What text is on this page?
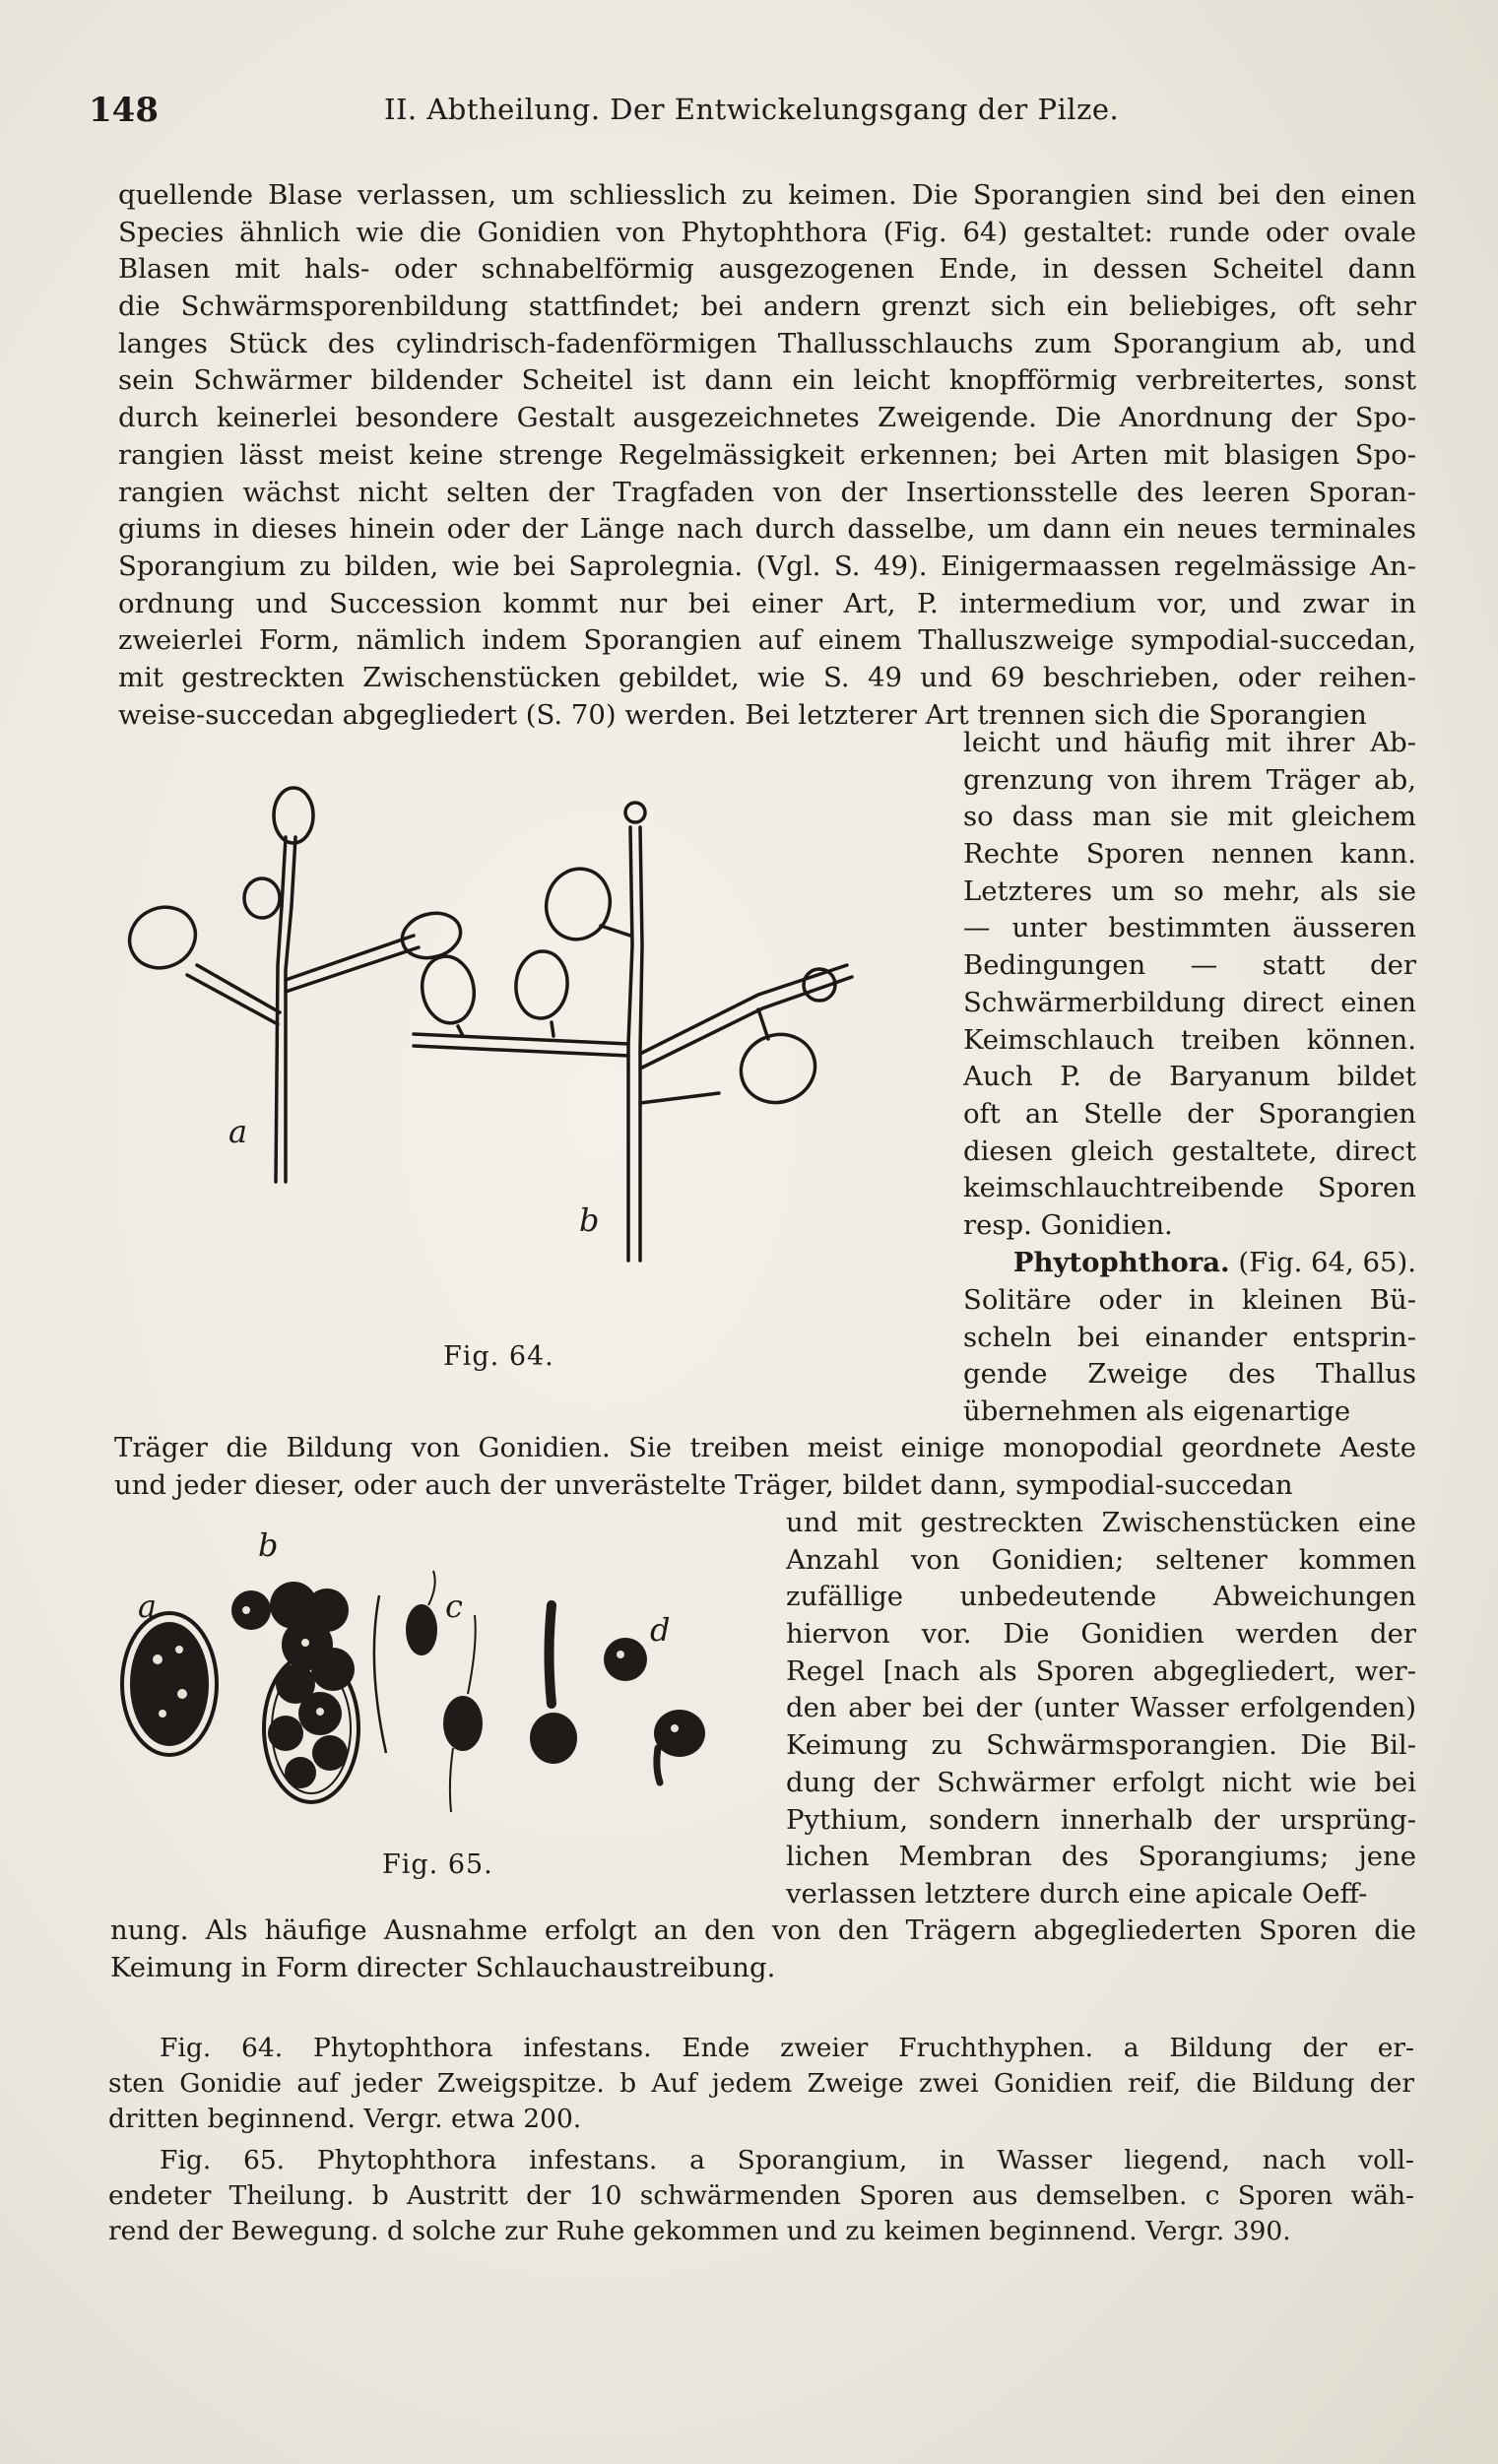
148	II. Abtheilung. Der Entwickelungsgang der Pilze.
quellende Blase verlassen, um schliesslich zu keimen. Die Sporangien sind bei den einen
Species ähnlich wie die Gonidien von Phytophthora (Fig. 64) gestaltet: runde oder ovale
Blasen mit hals- oder schnabelförmig ausgezogenen Ende, in dessen Scheitel dann
die Schwärmsporenbildung stattfindet; bei andern grenzt sich ein beliebiges, oft sehr
langes Stück des cylindrisch-fadenförmigen Thallusschlauchs zum Sporangium ab, und
sein Schwärmer bildender Scheitel ist dann ein leicht knopfförmig verbreitertes, sonst
durch keinerlei besondere Gestalt ausgezeichnetes Zweigende. Die Anordnung der Spo-
rangien lässt meist keine strenge Regelmässigkeit erkennen; bei Arten mit blasigen Spo-
rangien wächst nicht selten der Tragfaden von der Insertionsstelle des leeren Sporan-
giums in dieses hinein oder der Länge nach durch dasselbe, um dann ein neues terminales
Sporangium zu bilden, wie bei Saprolegnia. (Vgl. S. 49). Einigermaassen regelmässige An-
ordnung und Succession kommt nur bei einer Art, P. intermedium vor, und zwar in
zweierlei Form, nämlich indem Sporangien auf einem Thalluszweige sympodial-succedan,
mit gestreckten Zwischenstücken gebildet, wie S. 49 und 69 beschrieben, oder reihen-
weise-succedan abgegliedert (S. 70) werden. Bei letzterer Art trennen sich die Sporangien
leicht und häufig mit ihrer Ab-
grenzung von ihrem Träger ab,
so dass man sie mit gleichem
Rechte Sporen nennen kann.
Letzteres um so mehr, als sie
— unter bestimmten äusseren
Bedingungen — statt der
Schwärmerbildung direct einen
Keimschlauch treiben können.
Auch P. de Baryanum bildet
oft an Stelle der Sporangien
diesen gleich gestaltete, direct
keimschlauchtreibende Sporen
resp. Gonidien.
Phytophthora. (Fig. 64, 65).
Solitäre oder in kleinen Bü-
scheln bei einander entsprin-
gende Zweige des Thallus
übernehmen als eigenartige
Träger die Bildung von Gonidien. Sie treiben meist einige monopodial geordnete Aeste
und jeder dieser, oder auch der unverästelte Träger, bildet dann, sympodial-succedan
und mit gestreckten Zwischenstücken eine
Anzahl von Gonidien; seltener kommen
zufällige unbedeutende Abweichungen
hiervon vor. Die Gonidien werden der
Regel [nach als Sporen abgegliedert, wer-
den aber bei der (unter Wasser erfolgenden)
Keimung zu Schwärmsporangien. Die Bil-
dung der Schwärmer erfolgt nicht wie bei
Pythium, sondern innerhalb der ursprüng-
lichen Membran des Sporangiums; jene
verlassen letztere durch eine apicale Oeff-
nung. Als häufige Ausnahme erfolgt an den von den Trägern abgegliederten Sporen die
Keimung in Form directer Schlauchaustreibung.
a
b
Fig. 64.
a
b
c
d
Fig. 65.
Fig. 64. Phytophthora infestans. Ende zweier Fruchthyphen. a Bildung der er-
sten Gonidie auf jeder Zweigspitze. b Auf jedem Zweige zwei Gonidien reif, die Bildung der
dritten beginnend. Vergr. etwa 200.
Fig. 65. Phytophthora infestans. a Sporangium, in Wasser liegend, nach voll-
endeter Theilung. b Austritt der 10 schwärmenden Sporen aus demselben. c Sporen wäh-
rend der Bewegung. d solche zur Ruhe gekommen und zu keimen beginnend. Vergr. 390.
